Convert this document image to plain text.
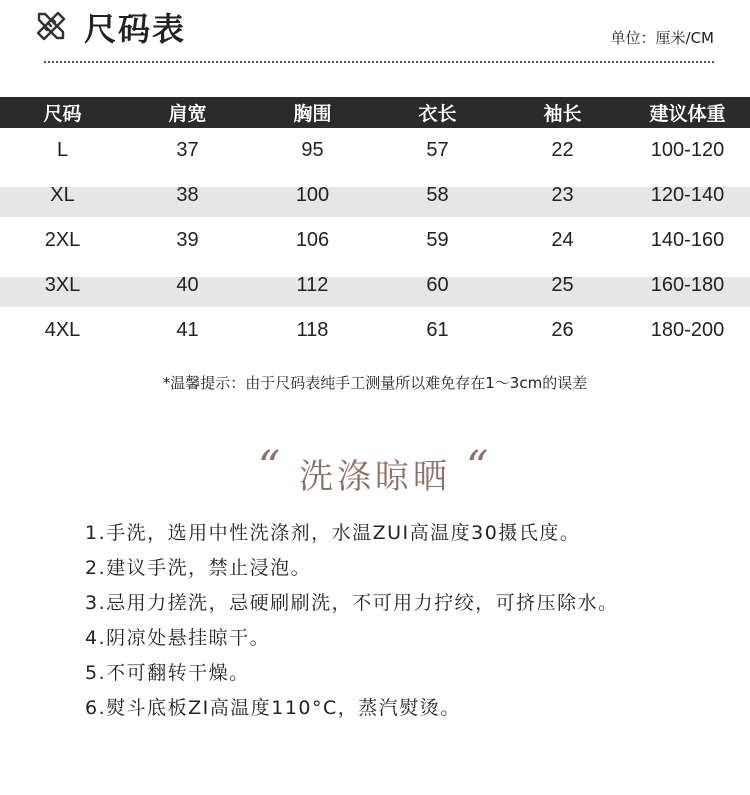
尺码表	单位：厘米/CM
尺码	肩宽	胸围	衣长	袖长	建议体重
L	37	95	57	22	100-120
XL	38	100	58	23	120-140
2XL	39	106	59	24	140-160
3XL	40	112	60	25	160-180
4XL	41	118	61	26	180-200
*温馨提示：由于尺码表纯手工测量所以难免存在1～3cm的误差
“ 洗涤晾晒 “
1.手洗，选用中性洗涤剂，水温ZUI高温度30摄氏度。
2.建议手洗，禁止浸泡。
3.忌用力搓洗，忌硬刷刷洗，不可用力拧绞，可挤压除水。
4.阴凉处悬挂晾干。
5.不可翻转干燥。
6.熨斗底板ZI高温度110°C，蒸汽熨烫。
